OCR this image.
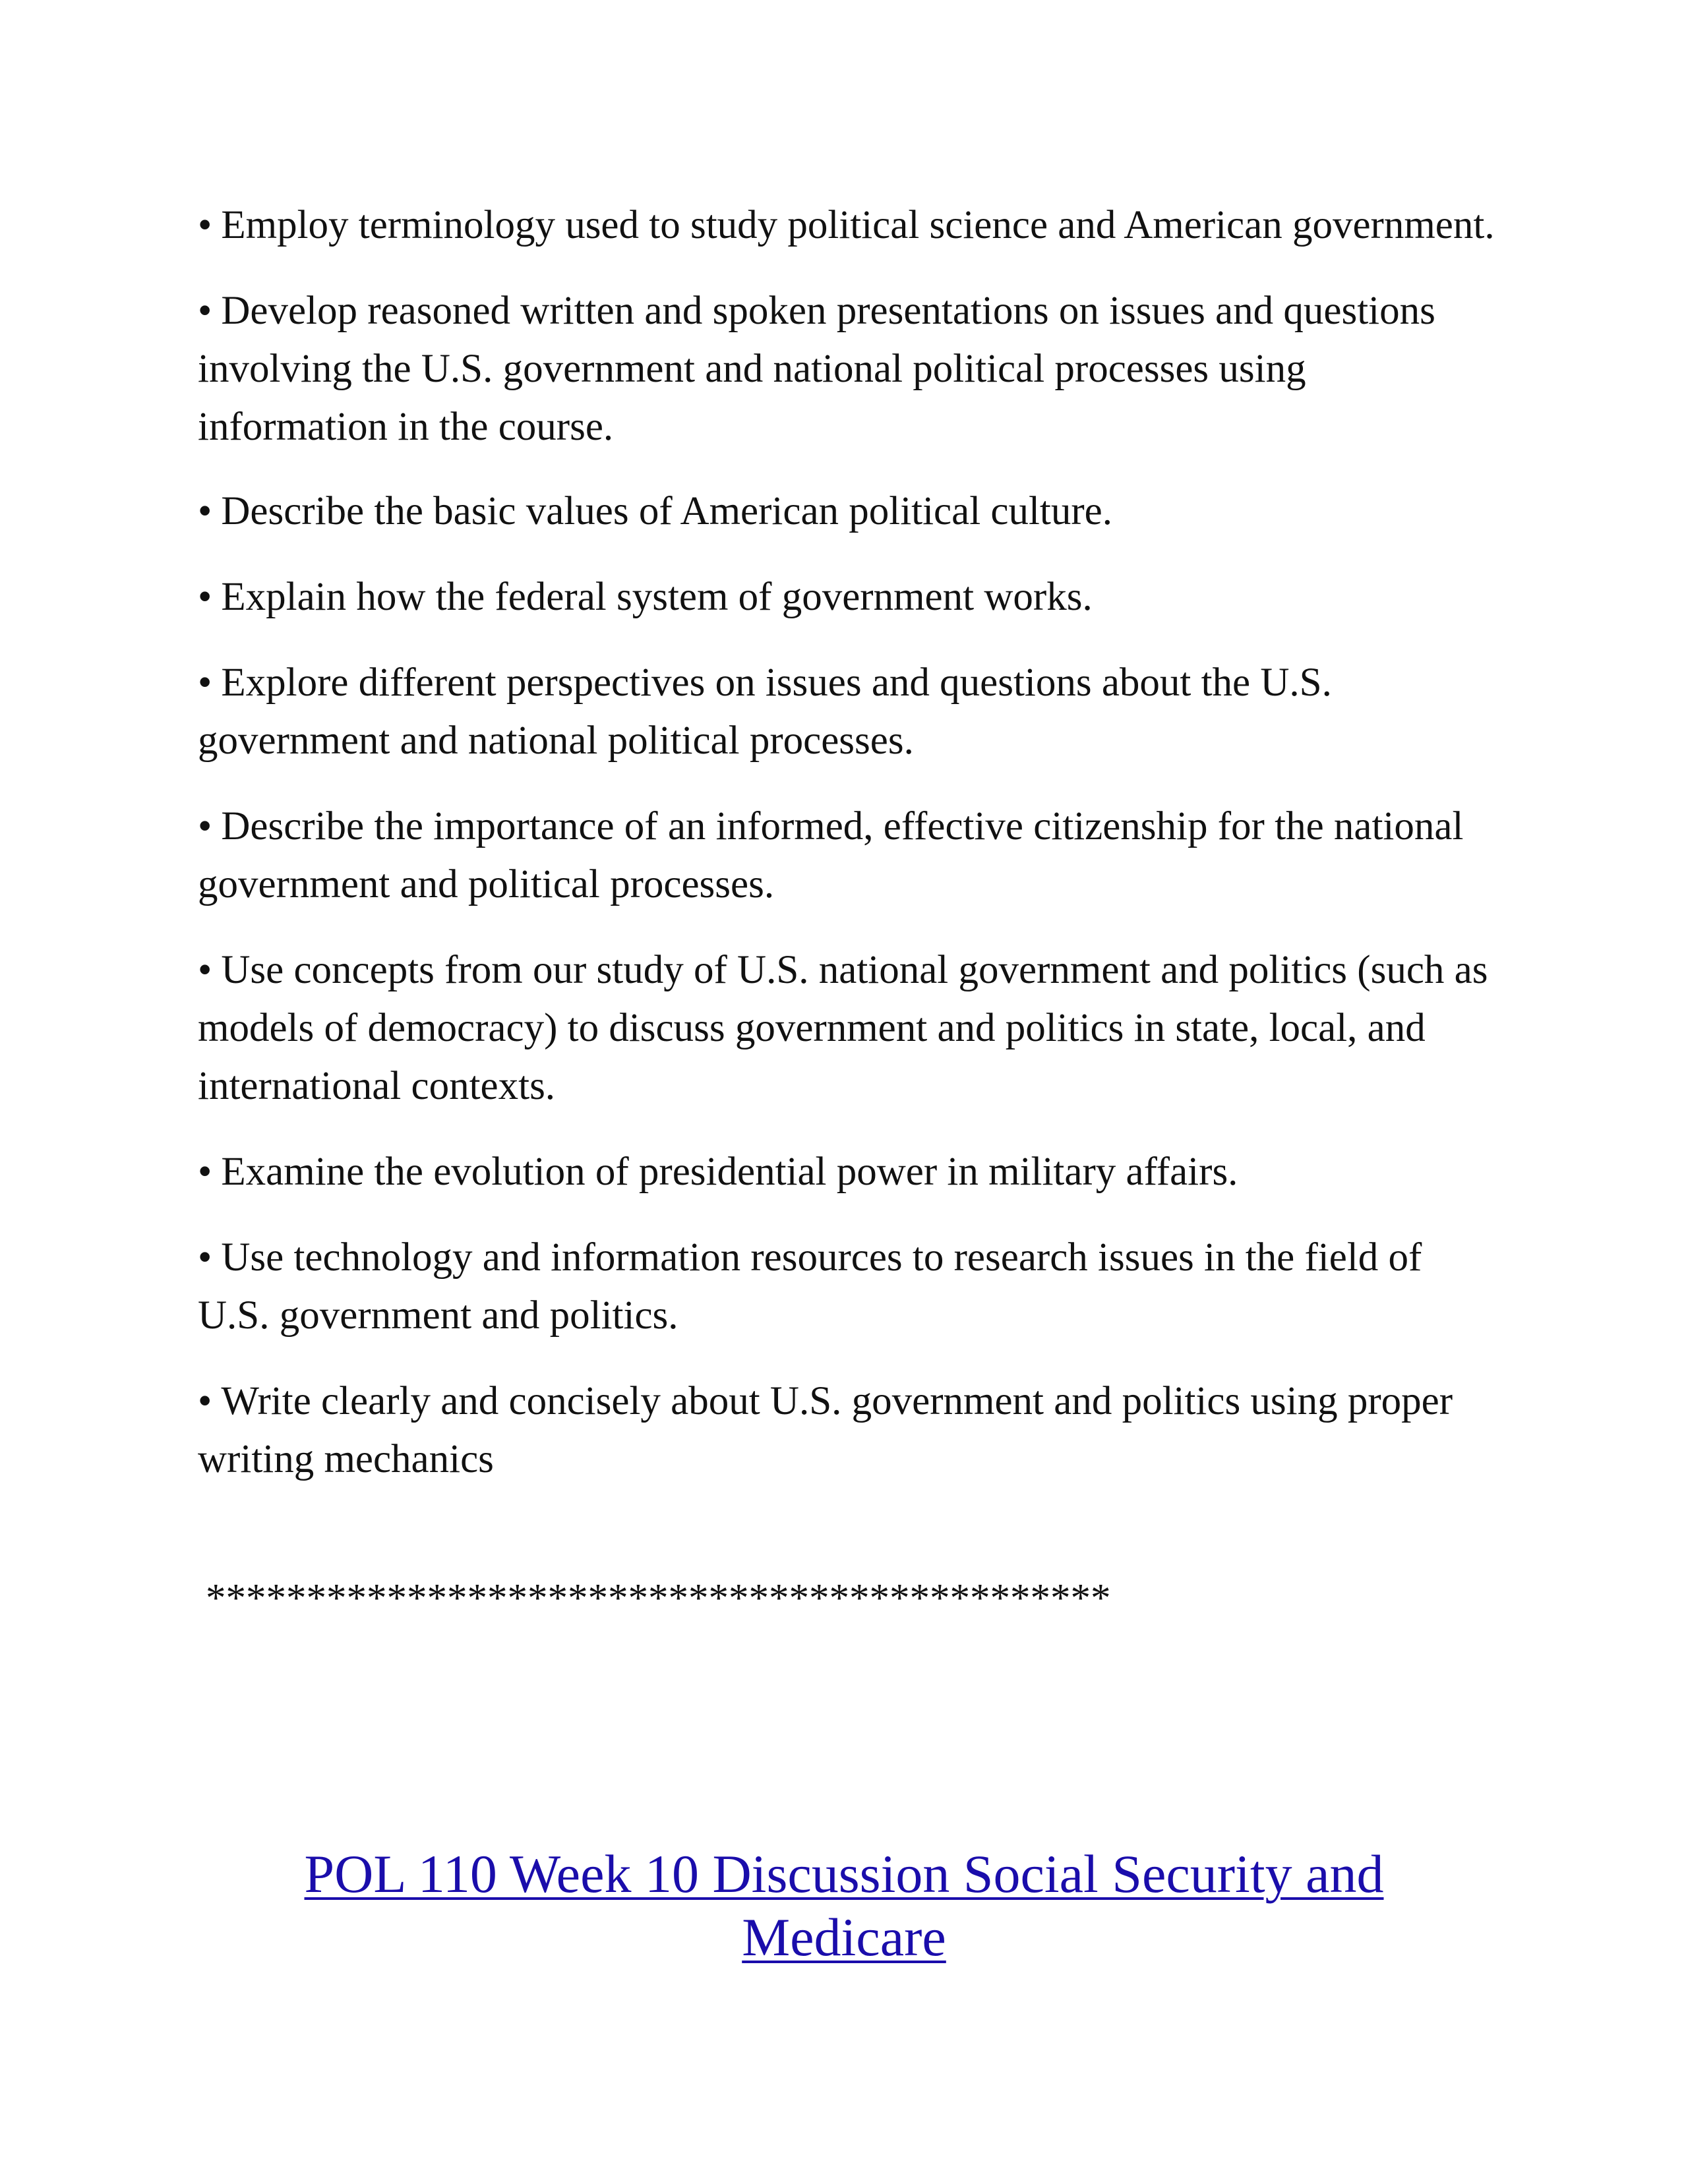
• Employ terminology used to study political science and American government.

• Develop reasoned written and spoken presentations on issues and questions involving the U.S. government and national political processes using information in the course.

• Describe the basic values of American political culture.

• Explain how the federal system of government works.

• Explore different perspectives on issues and questions about the U.S. government and national political processes.

• Describe the importance of an informed, effective citizenship for the national government and political processes.

• Use concepts from our study of U.S. national government and politics (such as models of democracy) to discuss government and politics in state, local, and international contexts.

• Examine the evolution of presidential power in military affairs.

• Use technology and information resources to research issues in the field of U.S. government and politics.

• Write clearly and concisely about U.S. government and politics using proper writing mechanics

*********************************************
POL 110 Week 10 Discussion Social Security and Medicare
